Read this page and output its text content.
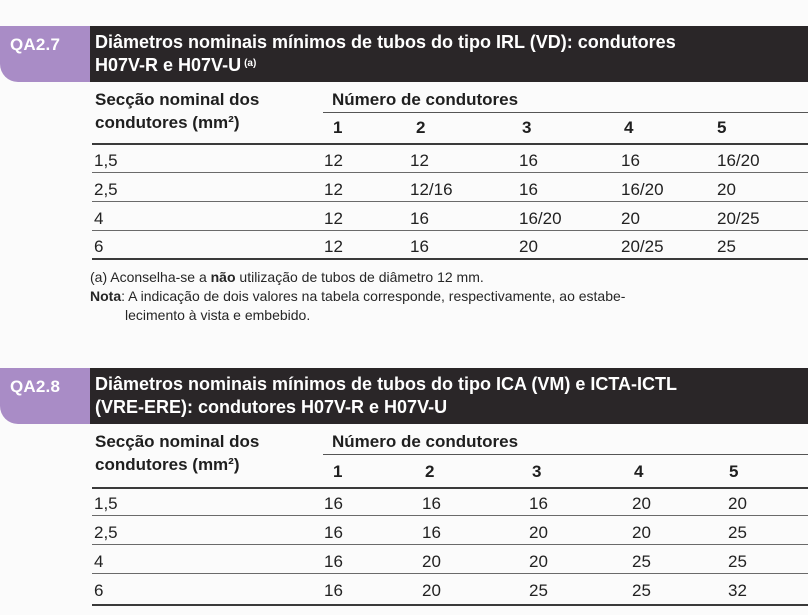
QA2.7 Diâmetros nominais mínimos de tubos do tipo IRL (VD): condutores
H07V-R e H07V-U $^{(a)}$
Secção nominal dos
condutores (mm²)
Número de condutores
1	2	3	4	5
1,5	12	12	16	16	16/20
2,5	12	12/16	16	16/20	20
4	12	16	16/20	20	20/25
6	12	16	20	20/25	25
(a) Aconselha-se a não utilização de tubos de diâmetro 12 mm.
Nota: A indicação de dois valores na tabela corresponde, respectivamente, ao estabe-
lecimento à vista e embebido.
QA2.8 Diâmetros nominais mínimos de tubos do tipo ICA (VM) e ICTA-ICTL
(VRE-ERE): condutores H07V-R e H07V-U
Secção nominal dos
condutores (mm²)
Número de condutores
1	2	3	4	5
1,5	16	16	16	20	20
2,5	16	16	20	20	25
4	16	20	20	25	25
6	16	20	25	25	32
